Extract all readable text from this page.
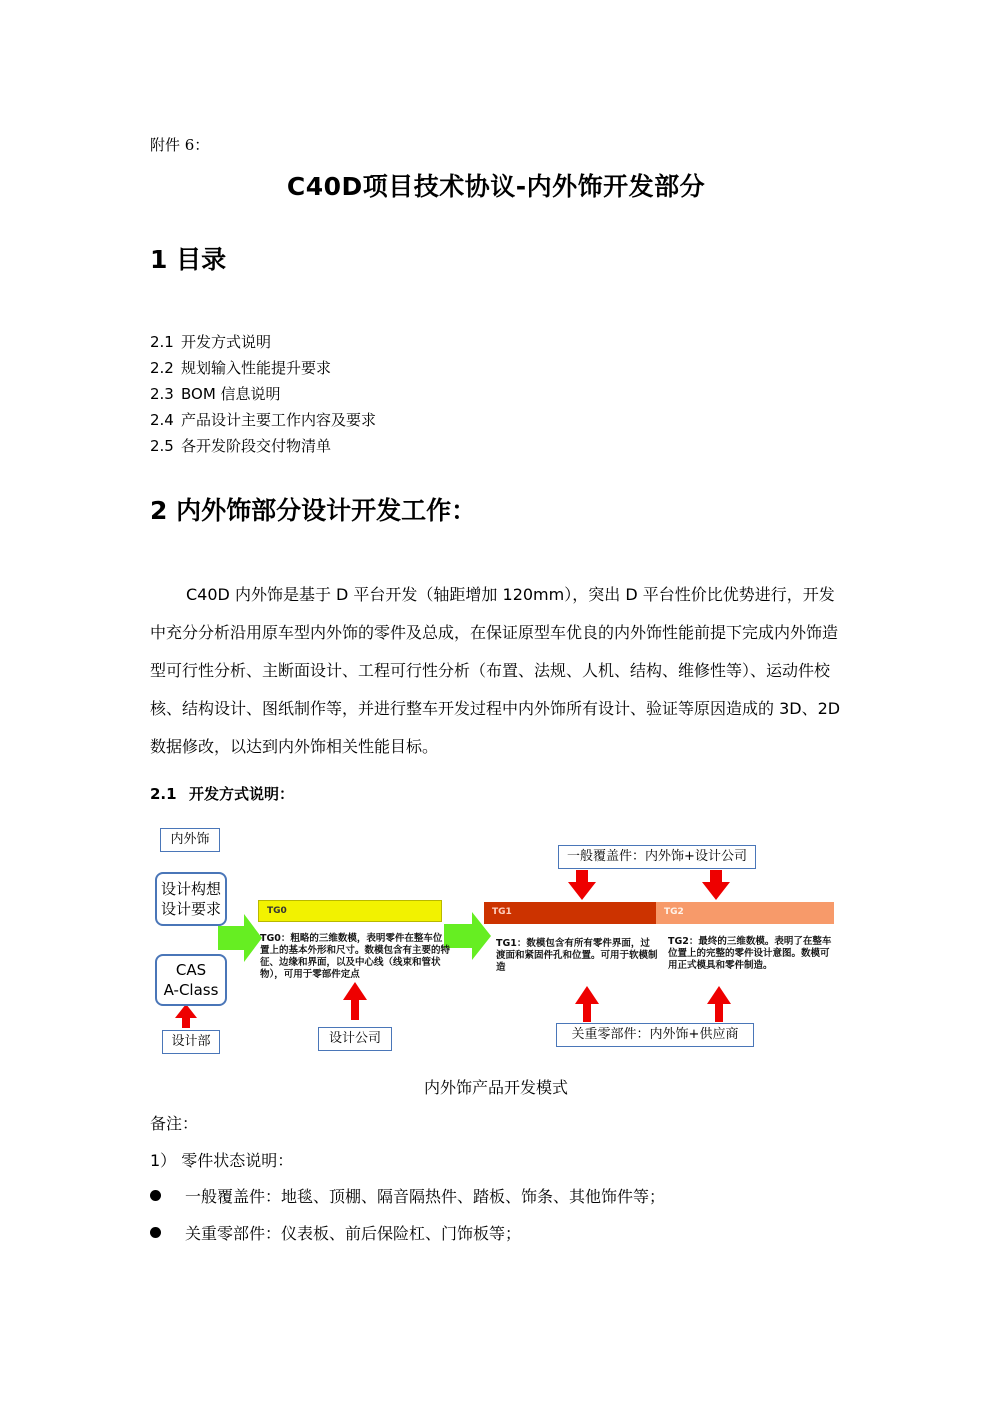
附件 6：
C40D项目技术协议-内外饰开发部分
1 目录
2.1 开发方式说明
2.2 规划输入性能提升要求
2.3 BOM 信息说明
2.4 产品设计主要工作内容及要求
2.5 各开发阶段交付物清单
2 内外饰部分设计开发工作：
C40D 内外饰是基于 D 平台开发（轴距增加 120mm），突出 D 平台性价比优势进行，开发中充分分析沿用原车型内外饰的零件及总成，在保证原型车优良的内外饰性能前提下完成内外饰造型可行性分析、主断面设计、工程可行性分析（布置、法规、人机、结构、维修性等）、运动件校核、结构设计、图纸制作等，并进行整车开发过程中内外饰所有设计、验证等原因造成的 3D、2D 数据修改，以达到内外饰相关性能目标。
2.1 开发方式说明：
内外饰
设计构想
设计要求
CAS
A-Class
设计部
TG0
TG0：粗略的三维数模，表明零件在整车位置上的基本外形和尺寸。数模包含有主要的特征、边缘和界面，以及中心线（线束和管状物），可用于零部件定点
TG1
TG1：数模包含有所有零件界面，过渡面和紧固件孔和位置。可用于软模制造
TG2
TG2：最终的三维数模。表明了在整车位置上的完整的零件设计意图。数模可用正式模具和零件制造。
设计公司
一般覆盖件：内外饰+设计公司
关重零部件：内外饰+供应商
内外饰产品开发模式
备注：
1） 零件状态说明：
一般覆盖件：地毯、顶棚、隔音隔热件、踏板、饰条、其他饰件等；
关重零部件：仪表板、前后保险杠、门饰板等；
